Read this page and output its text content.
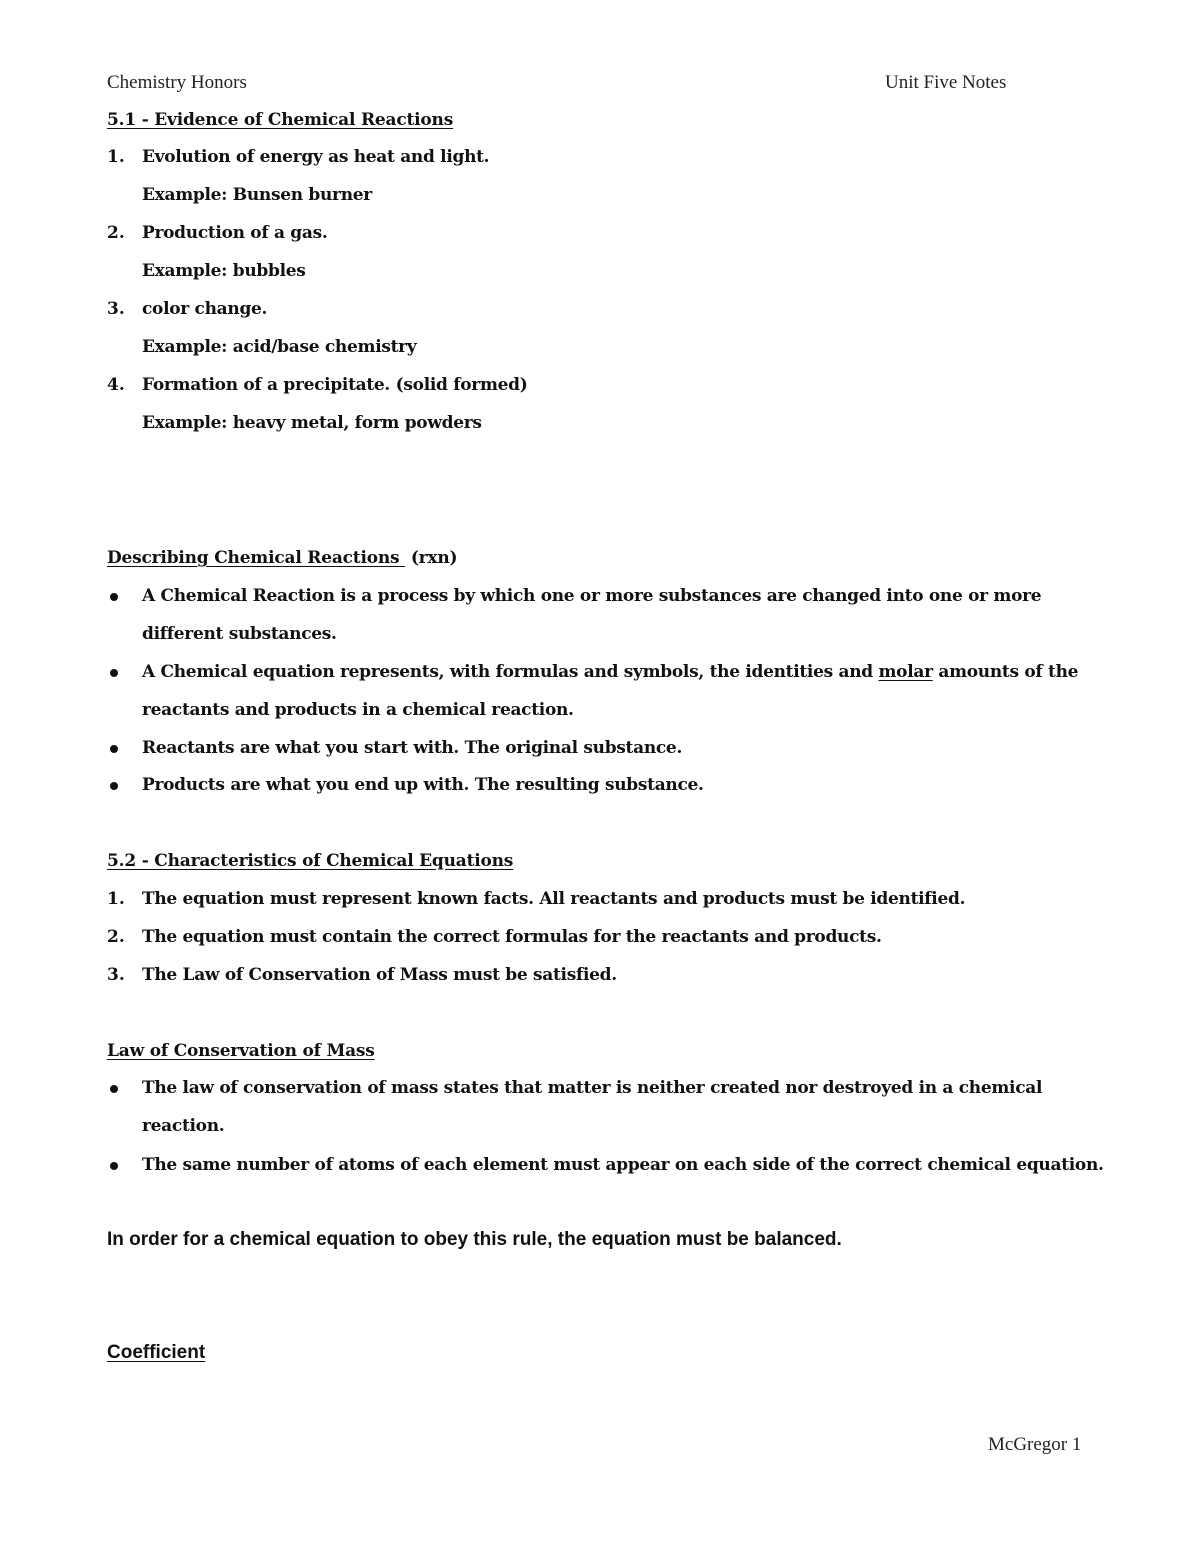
Chemistry Honors	Unit Five Notes
5.1 - Evidence of Chemical Reactions
1. Evolution of energy as heat and light.
Example: Bunsen burner
2. Production of a gas.
Example: bubbles
3. color change.
Example: acid/base chemistry
4. Formation of a precipitate. (solid formed)
Example: heavy metal, form powders
Describing Chemical Reactions (rxn)
A Chemical Reaction is a process by which one or more substances are changed into one or more
different substances.
A Chemical equation represents, with formulas and symbols, the identities and molar amounts of the
reactants and products in a chemical reaction.
Reactants are what you start with. The original substance.
Products are what you end up with. The resulting substance.
5.2 - Characteristics of Chemical Equations
1. The equation must represent known facts. All reactants and products must be identified.
2. The equation must contain the correct formulas for the reactants and products.
3. The Law of Conservation of Mass must be satisfied.
Law of Conservation of Mass
The law of conservation of mass states that matter is neither created nor destroyed in a chemical
reaction.
The same number of atoms of each element must appear on each side of the correct chemical equation.
In order for a chemical equation to obey this rule, the equation must be balanced.
Coefficient
McGregor 1
